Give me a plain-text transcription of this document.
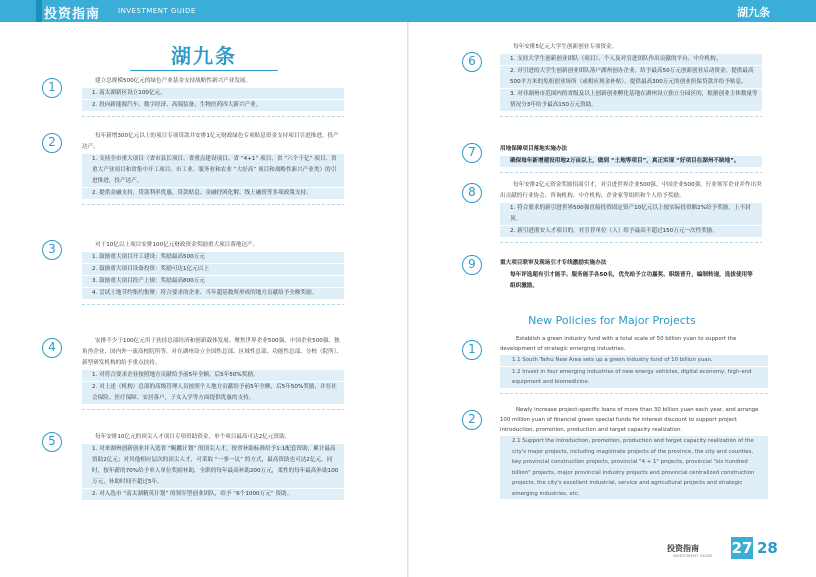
投资指南	INVESTMENT GUIDE	湖九条
湖九条
1	建立总规模500亿元的绿色产业基金支持战略性新兴产业发展。
1. 南太湖新区设立100亿元。
2. 投向新能源汽车、数字经济、高端装备，生物医药四大新兴产业。
2	每年新增300亿元以上的项目专项贷款并安排1亿元财政绿色专项贴息资金支持项目引进推进、投产达产。
1. 支持全市重大项目（省市县长项目、省重点建设项目、省 “4+1” 项目、省 “六个千亿” 项目、省重大产业项目和省集中开工项目、市工业、服务业和农业 “大好高” 项目和战略性新兴产业类）的引进推进、投产达产。
2. 提供金融支持，贷款利率优惠，贷款贴息、金融纾困化解、线上融资等多项政策支持。
3	对于10亿以上项目安排100亿元财政资金奖励重大项目落地达产。
1. 鼓励重大项目开工建设：奖励最高500万元
2. 鼓励重大项目设备投资：奖励可达1亿元以上
3. 鼓励重大项目投产上规：奖励最高800万元
4. 尝试土地节约集约集聚：符合要求的企业、当年超基数所形成的地方贡献给予全额奖励。
4	安排不少于100亿元用于扶持总部经济和创新载体发展。聚焦世界企业500强、中国企业500强、独角兽企业、国内外一流高校院所等，对在湖州设立全国性总部、区域性总部、功能性总部、分校（院所）、新型研发机构的给予重点扶持。
1. 对符合要求企业按照地方贡献给予前5年全额，后5年50%奖励。
2. 对上述（机构）总部的高级管理人员按照个人地方贡献给予前5年全额，后5年50%奖励，并在社会保险、医疗保障、安居落户，子女入学等方面提供优惠的支持。
5	每年安排10亿元的顶尖人才项目专项资助资金，单个项目最高可达2亿元资助。
1. 对来湖州创新创业并入选省 “鲲鹏计划” 的顶尖人才，按省补助标准给予1:1配套资助，累计最高资助2亿元；对其他相应层次的顶尖人才，可采取 “一事一议” 的方式，最高资助也可达2亿元，同时，按年薪的70%给予单人单位奖励补助，全职的每年最高补助200万元，柔性的每年最高补助100万元，补助时间不超过5年。
2. 对入选市 “南太湖精英计划” 的领军型创业团队，给予 “6个1000万元” 资助。
6
每年安排5亿元大学生创新创业专项资金。
1. 支持大学生创新创业团队（项目）、个人及对引进团队作出贡献的平台、中介机构。
2. 对引进的大学生创新创业团队落户湖州创办企业，给予最高50万元创新创业启动资金，提供最高500平方米的免租创业场所（或相应现金补贴），提供最高300万元的创业担保贷款并给予贴息。
3. 对非湖州市范围内的省级及以上创新创业孵化基地在湖州设立独立分园区的，根据创业主体数量等情况分3年给予最高150万元资助。
7	用地保障项目落地实施办法
确保每年新增建设用地2万亩以上，做到 “土地等项目”，真正实现 “好项目在湖州不缺地”。
8	每年安排2亿元资金奖励招商引才，对引进世界企业500强、中国企业500强、行业领军企业并作出突出贡献的行业协会、咨询机构、中介机构、企业家等组织和个人给予奖励。
1. 符合要求的新引进世界500强直接投资固定资产10亿元以上按实际投资额2%给予奖励，上不封顶。
2. 新引进浙安人才项目的，对引荐单位（人）给予最高不超过150万元一次性奖励。
9	重大项目联审及现场引才专线激励实施办法
每年评选超有引才能手、服务能手各50名，优先给予立功嘉奖、职级晋升，编制转递，选拔使用等组织激励。
New Policies for Major Projects
1
Establish a green industry fund with a total scale of 50 billion yuan to support the development of strategic emerging industries.
1.1 South Taihu New Area sets up a green industry fund of 10 billion yuan.
1.2 Invest in four emerging industries of new energy vehicles, digital economy, high-end equipment and biomedicine.
2
Newly increase project-specific loans of more than 30 billion yuan each year, and arrange 100 million yuan of financial green special funds for interest discount to support project introduction, promotion, production and target capacity realization.
2.1 Support the introduction, promotion, production and target capacity realization of the city's major projects, including magistrate projects of the province, the city and counties, key provincial construction projects, provincial "4 + 1" projects, provincial "six hundred billion" projects, major provincial industry projects and provincial centralized construction projects, the city's excellent industrial, service and agricultural projects and strategic emerging industries, etc.
投资指南
INVESTMENT GUIDE 27 28
